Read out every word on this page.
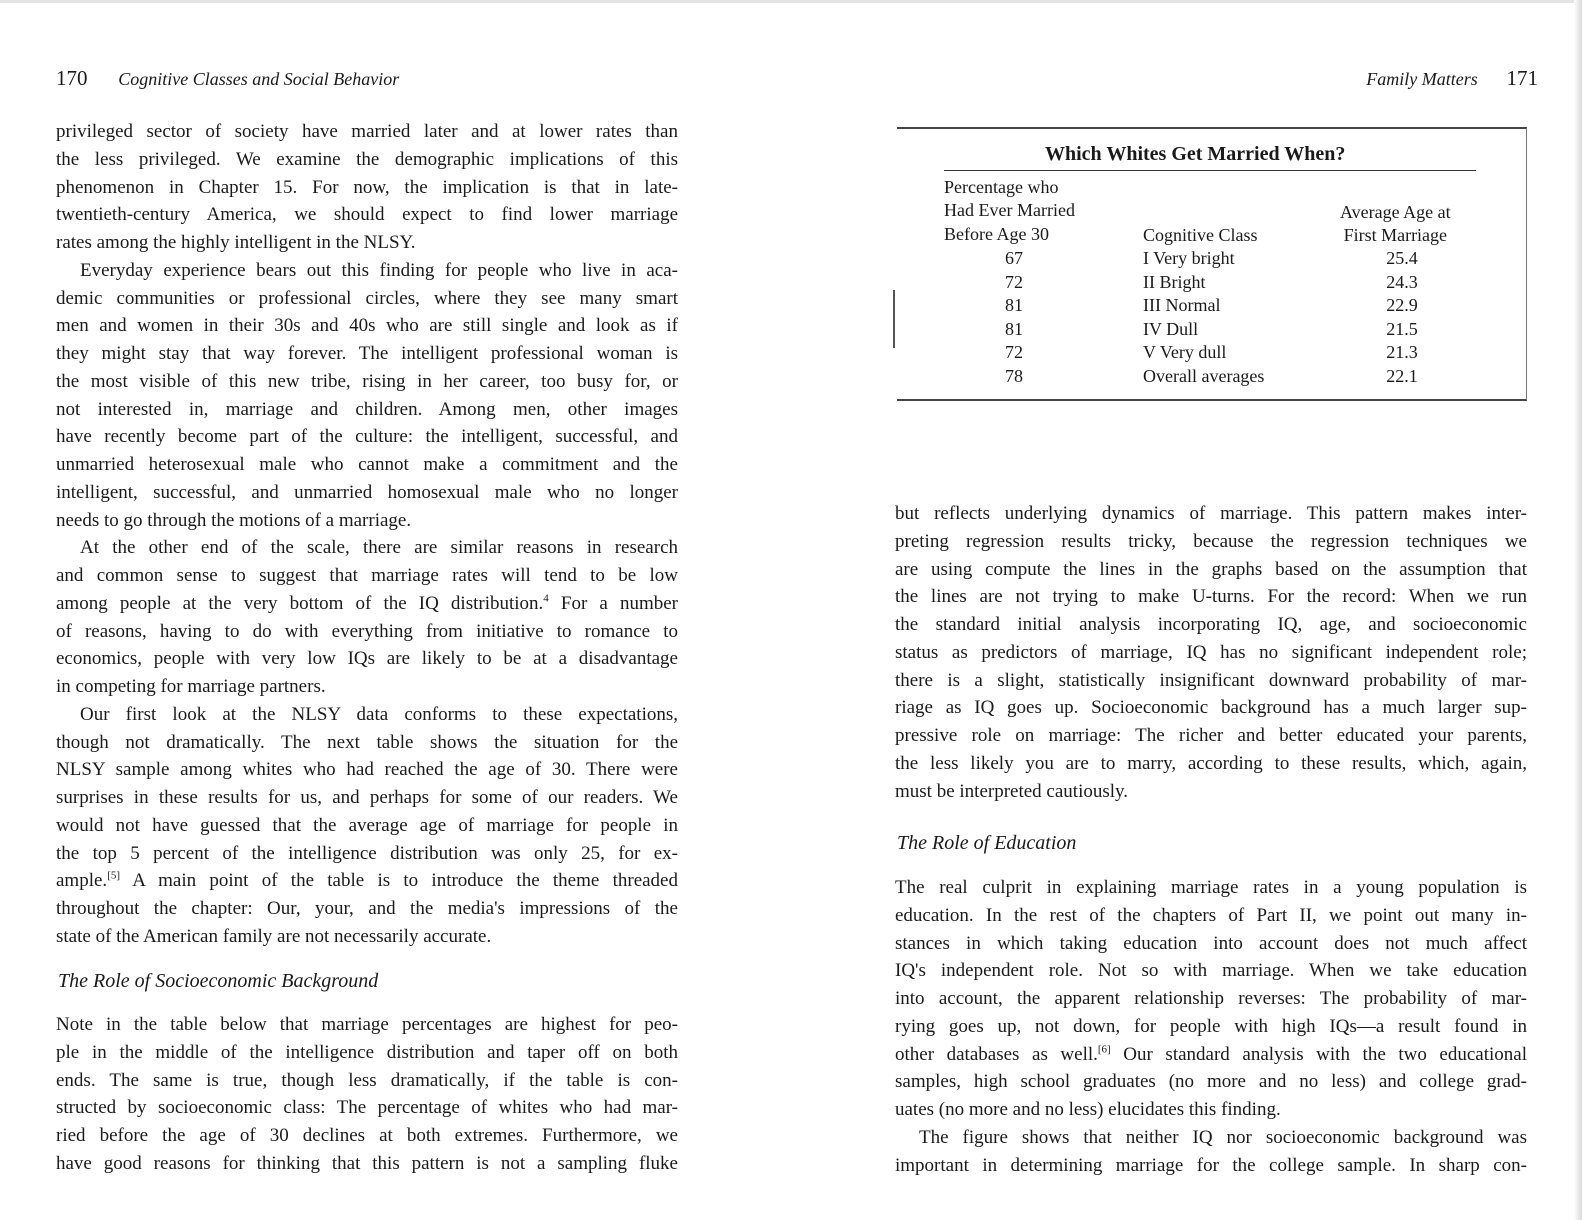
170 Cognitive Classes and Social Behavior
privileged sector of society have married later and at lower rates than
the less privileged. We examine the demographic implications of this
phenomenon in Chapter 15. For now, the implication is that in late-
twentieth-century America, we should expect to find lower marriage
rates among the highly intelligent in the NLSY.
Everyday experience bears out this finding for people who live in aca-
demic communities or professional circles, where they see many smart
men and women in their 30s and 40s who are still single and look as if
they might stay that way forever. The intelligent professional woman is
the most visible of this new tribe, rising in her career, too busy for, or
not interested in, marriage and children. Among men, other images
have recently become part of the culture: the intelligent, successful, and
unmarried heterosexual male who cannot make a commitment and the
intelligent, successful, and unmarried homosexual male who no longer
needs to go through the motions of a marriage.
At the other end of the scale, there are similar reasons in research
and common sense to suggest that marriage rates will tend to be low
among people at the very bottom of the IQ distribution.$^4$ For a number
of reasons, having to do with everything from initiative to romance to
economics, people with very low IQs are likely to be at a disadvantage
in competing for marriage partners.
Our first look at the NLSY data conforms to these expectations,
though not dramatically. The next table shows the situation for the
NLSY sample among whites who had reached the age of 30. There were
surprises in these results for us, and perhaps for some of our readers. We
would not have guessed that the average age of marriage for people in
the top 5 percent of the intelligence distribution was only 25, for ex-
ample.[5] A main point of the table is to introduce the theme threaded
throughout the chapter: Our, your, and the media's impressions of the
state of the American family are not necessarily accurate.
The Role of Socioeconomic Background
Note in the table below that marriage percentages are highest for peo-
ple in the middle of the intelligence distribution and taper off on both
ends. The same is true, though less dramatically, if the table is con-
structed by socioeconomic class: The percentage of whites who had mar-
ried before the age of 30 declines at both extremes. Furthermore, we
have good reasons for thinking that this pattern is not a sampling fluke
Which Whites Get Married When?
Percentage who
Had Ever Married
Before Age 30	Cognitive Class
Average Age at
First Marriage
67	I Very bright	25.4
72	II Bright	24.3
81	III Normal	22.9
81	IV Dull	21.5
72	V Very dull	21.3
78	Overall averages	22.1
Family Matters 171
but reflects underlying dynamics of marriage. This pattern makes inter-
preting regression results tricky, because the regression techniques we
are using compute the lines in the graphs based on the assumption that
the lines are not trying to make U-turns. For the record: When we run
the standard initial analysis incorporating IQ, age, and socioeconomic
status as predictors of marriage, IQ has no significant independent role;
there is a slight, statistically insignificant downward probability of mar-
riage as IQ goes up. Socioeconomic background has a much larger sup-
pressive role on marriage: The richer and better educated your parents,
the less likely you are to marry, according to these results, which, again,
must be interpreted cautiously.
The Role of Education
The real culprit in explaining marriage rates in a young population is
education. In the rest of the chapters of Part II, we point out many in-
stances in which taking education into account does not much affect
IQ's independent role. Not so with marriage. When we take education
into account, the apparent relationship reverses: The probability of mar-
rying goes up, not down, for people with high IQs—a result found in
other databases as well.[6] Our standard analysis with the two educational
samples, high school graduates (no more and no less) and college grad-
uates (no more and no less) elucidates this finding.
The figure shows that neither IQ nor socioeconomic background was
important in determining marriage for the college sample. In sharp con-
